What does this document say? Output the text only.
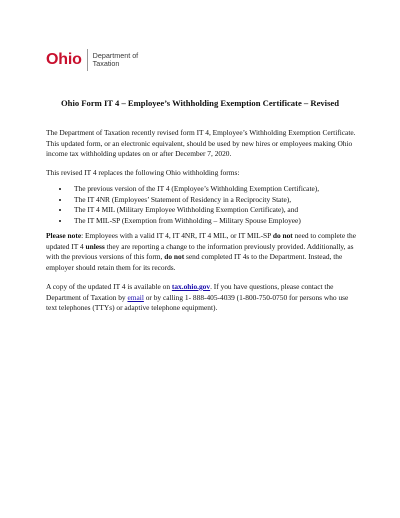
Ohio Department of
Taxation
Ohio Form IT 4 – Employee’s Withholding Exemption Certificate – Revised

The Department of Taxation recently revised form IT 4, Employee’s Withholding Exemption Certificate. This updated form, or an electronic equivalent, should be used by new hires or employees making Ohio income tax withholding updates on or after December 7, 2020.

This revised IT 4 replaces the following Ohio withholding forms:

• The previous version of the IT 4 (Employee’s Withholding Exemption Certificate),
• The IT 4NR (Employees’ Statement of Residency in a Reciprocity State),
• The IT 4 MIL (Military Employee Withholding Exemption Certificate), and
• The IT MIL-SP (Exemption from Withholding – Military Spouse Employee)

Please note: Employees with a valid IT 4, IT 4NR, IT 4 MIL, or IT MIL-SP do not need to complete the updated IT 4 unless they are reporting a change to the information previously provided. Additionally, as with the previous versions of this form, do not send completed IT 4s to the Department. Instead, the employer should retain them for its records.

A copy of the updated IT 4 is available on tax.ohio.gov. If you have questions, please contact the Department of Taxation by email or by calling 1- 888-405-4039 (1-800-750-0750 for persons who use text telephones (TTYs) or adaptive telephone equipment).
